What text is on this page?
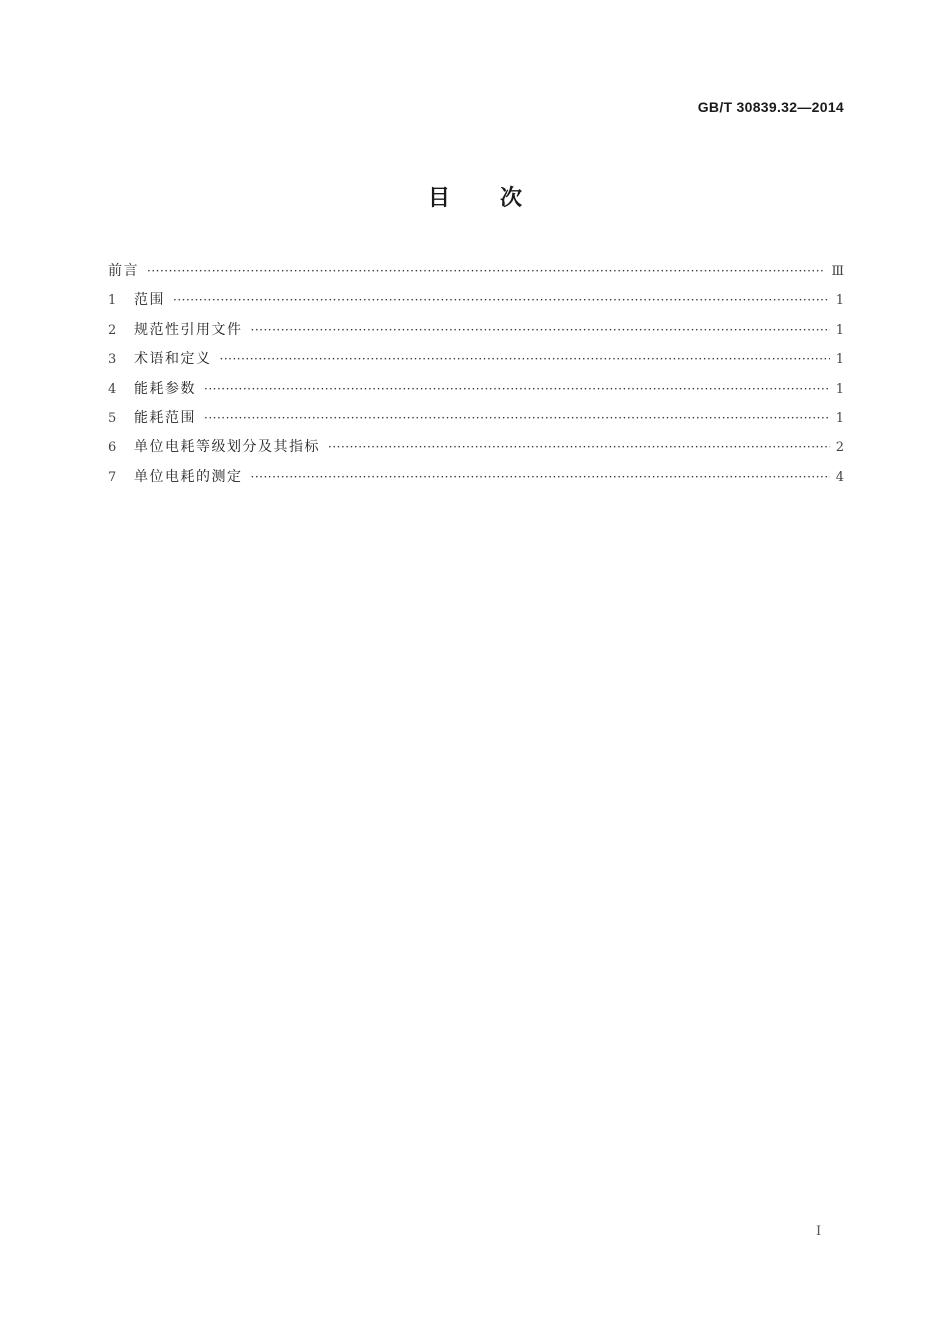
GB/T 30839.32—2014
目次
前言 ·····	Ⅲ
1	范围 ·····	1
2	规范性引用文件 ·····	1
3	术语和定义 ·····	1
4	能耗参数 ·····	1
5	能耗范围 ·····	1
6	单位电耗等级划分及其指标 ·····	2
7	单位电耗的测定 ·····	4
Ⅰ
